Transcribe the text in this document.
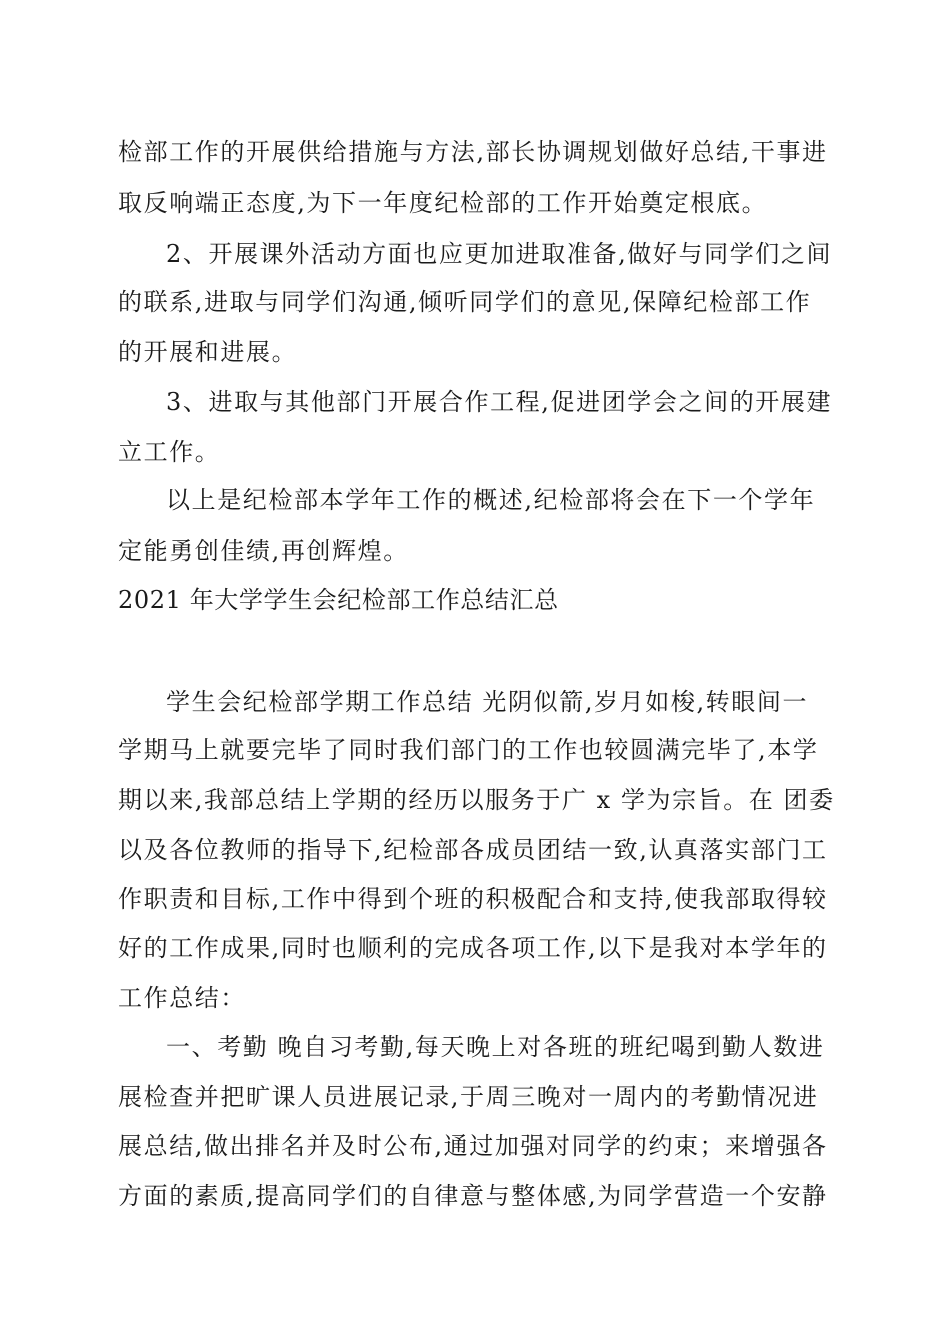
检部工作的开展供给措施与方法,部长协调规划做好总结,干事进
取反响端正态度,为下一年度纪检部的工作开始奠定根底。
2、开展课外活动方面也应更加进取准备,做好与同学们之间
的联系,进取与同学们沟通,倾听同学们的意见,保障纪检部工作
的开展和进展。
3、进取与其他部门开展合作工程,促进团学会之间的开展建
立工作。
以上是纪检部本学年工作的概述,纪检部将会在下一个学年
定能勇创佳绩,再创辉煌。
2021 年大学学生会纪检部工作总结汇总
学生会纪检部学期工作总结 光阴似箭,岁月如梭,转眼间一
学期马上就要完毕了同时我们部门的工作也较圆满完毕了,本学
期以来,我部总结上学期的经历以服务于广 x 学为宗旨。在 团委
以及各位教师的指导下,纪检部各成员团结一致,认真落实部门工
作职责和目标,工作中得到个班的积极配合和支持,使我部取得较
好的工作成果,同时也顺利的完成各项工作,以下是我对本学年的
工作总结：
一、考勤 晚自习考勤,每天晚上对各班的班纪喝到勤人数进
展检查并把旷课人员进展记录,于周三晚对一周内的考勤情况进
展总结,做出排名并及时公布,通过加强对同学的约束；来增强各
方面的素质,提高同学们的自律意与整体感,为同学营造一个安静
